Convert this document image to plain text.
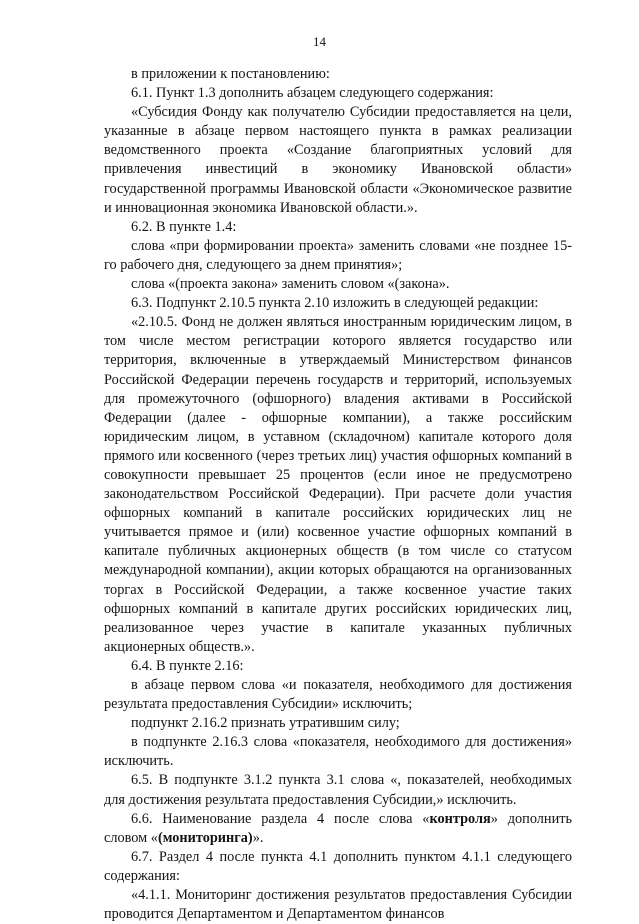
14

в приложении к постановлению:

6.1. Пункт 1.3 дополнить абзацем следующего содержания:

«Субсидия Фонду как получателю Субсидии предоставляется на цели, указанные в абзаце первом настоящего пункта в рамках реализации ведомственного проекта «Создание благоприятных условий для привлечения инвестиций в экономику Ивановской области» государственной программы Ивановской области «Экономическое развитие и инновационная экономика Ивановской области.».

6.2. В пункте 1.4:

слова «при формировании проекта» заменить словами «не позднее 15-го рабочего дня, следующего за днем принятия»;

слова «(проекта закона» заменить словом «(закона».

6.3. Подпункт 2.10.5 пункта 2.10 изложить в следующей редакции:

«2.10.5. Фонд не должен являться иностранным юридическим лицом, в том числе местом регистрации которого является государство или территория, включенные в утверждаемый Министерством финансов Российской Федерации перечень государств и территорий, используемых для промежуточного (офшорного) владения активами в Российской Федерации (далее - офшорные компании), а также российским юридическим лицом, в уставном (складочном) капитале которого доля прямого или косвенного (через третьих лиц) участия офшорных компаний в совокупности превышает 25 процентов (если иное не предусмотрено законодательством Российской Федерации). При расчете доли участия офшорных компаний в капитале российских юридических лиц не учитывается прямое и (или) косвенное участие офшорных компаний в капитале публичных акционерных обществ (в том числе со статусом международной компании), акции которых обращаются на организованных торгах в Российской Федерации, а также косвенное участие таких офшорных компаний в капитале других российских юридических лиц, реализованное через участие в капитале указанных публичных акционерных обществ.».

6.4. В пункте 2.16:

в абзаце первом слова «и показателя, необходимого для достижения результата предоставления Субсидии» исключить;

подпункт 2.16.2 признать утратившим силу;

в подпункте 2.16.3 слова «показателя, необходимого для достижения» исключить.

6.5. В подпункте 3.1.2 пункта 3.1 слова «, показателей, необходимых для достижения результата предоставления Субсидии,» исключить.

6.6. Наименование раздела 4 после слова «контроля» дополнить словом «(мониторинга)».

6.7. Раздел 4 после пункта 4.1 дополнить пунктом 4.1.1 следующего содержания:

«4.1.1. Мониторинг достижения результатов предоставления Субсидии проводится Департаментом и Департаментом финансов
